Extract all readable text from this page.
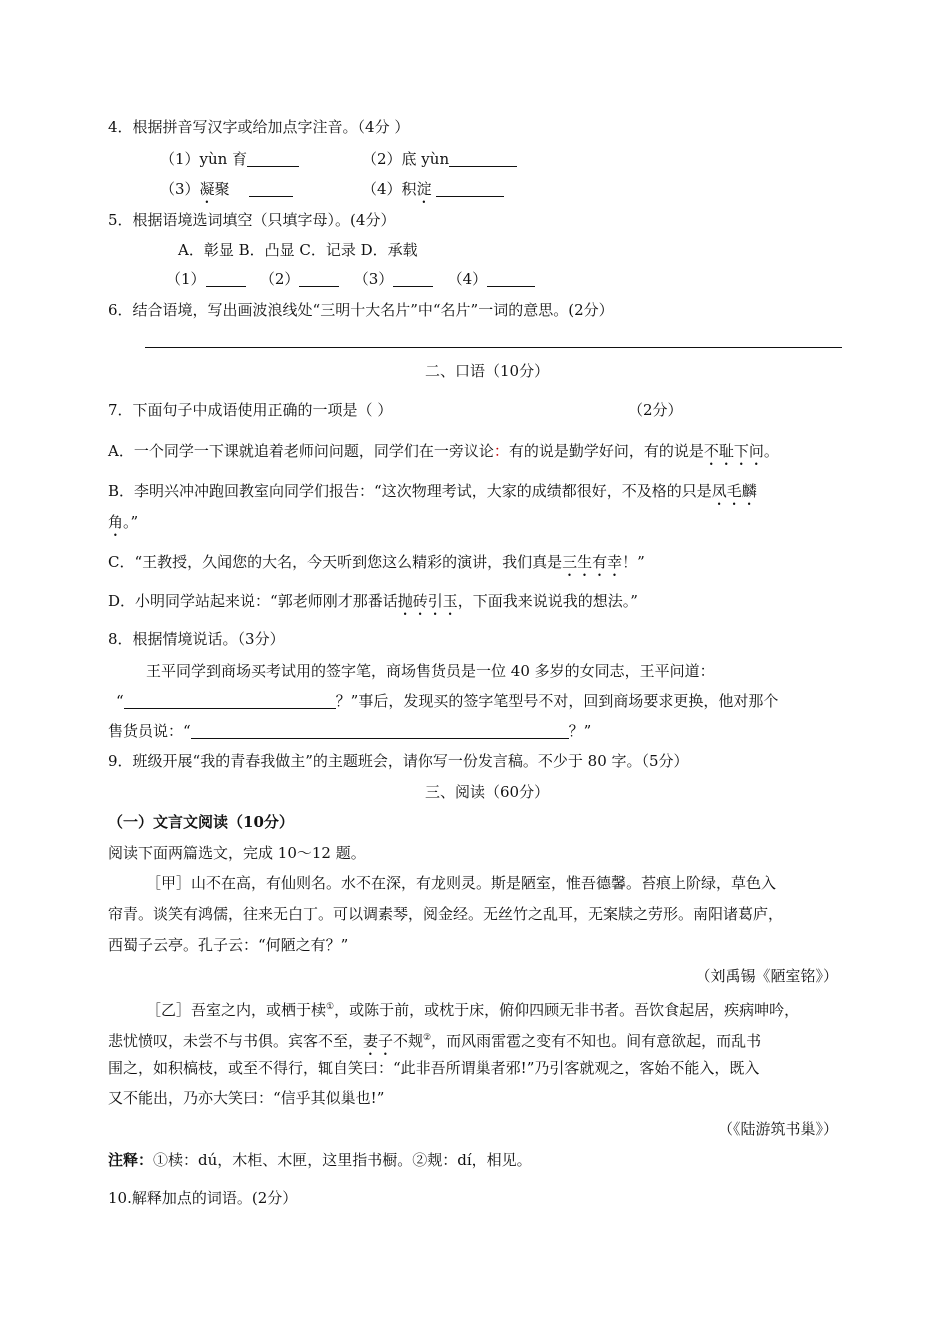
4．根据拼音写汉字或给加点字注音。（4分 ）
（1）yùn 育	（2）底 yùn
（3）凝聚	（4）积淀
5．根据语境选词填空（只填字母）。(4分）
A．彰显 B．凸显 C．记录 D．承载
（1）	（2）	（3）	（4）
6．结合语境，写出画波浪线处“三明十大名片”中“名片”一词的意思。(2分）
二、口语（10分）
7．下面句子中成语使用正确的一项是（ ）	（2分）
A．一个同学一下课就追着老师问问题，同学们在一旁议论：有的说是勤学好问，有的说是不耻下问。
B．李明兴冲冲跑回教室向同学们报告：“这次物理考试，大家的成绩都很好，不及格的只是凤毛麟
角。”
C．“王教授，久闻您的大名，今天听到您这么精彩的演讲，我们真是三生有幸！”
D．小明同学站起来说：“郭老师刚才那番话抛砖引玉，下面我来说说我的想法。”
8．根据情境说话。（3分）
王平同学到商场买考试用的签字笔，商场售货员是一位 40 多岁的女同志，王平问道：
“	？”事后，发现买的签字笔型号不对，回到商场要求更换，他对那个
售货员说：“	？”
9．班级开展“我的青春我做主”的主题班会，请你写一份发言稿。不少于 80 字。（5分）
三、阅读（60分）
（一）文言文阅读（10分）
阅读下面两篇选文，完成 10～12 题。
［甲］山不在高，有仙则名。水不在深，有龙则灵。斯是陋室，惟吾德馨。苔痕上阶绿，草色入
帘青。谈笑有鸿儒，往来无白丁。可以调素琴，阅金经。无丝竹之乱耳，无案牍之劳形。南阳诸葛庐，
西蜀子云亭。孔子云：“何陋之有？”
（刘禹锡《陋室铭》）
［乙］吾室之内，或栖于椟①，或陈于前，或枕于床，俯仰四顾无非书者。吾饮食起居，疾病呻吟，
悲忧愤叹，未尝不与书俱。宾客不至，妻子不觌②，而风雨雷雹之变有不知也。间有意欲起，而乱书
围之，如积槁枝，或至不得行，辄自笑曰：“此非吾所谓巢者邪!”乃引客就观之，客始不能入，既入
又不能出，乃亦大笑曰：“信乎其似巢也!”
（《陆游筑书巢》）
注释：①椟：dú，木柜、木匣，这里指书橱。②觌：dí，相见。
10.解释加点的词语。(2分）
